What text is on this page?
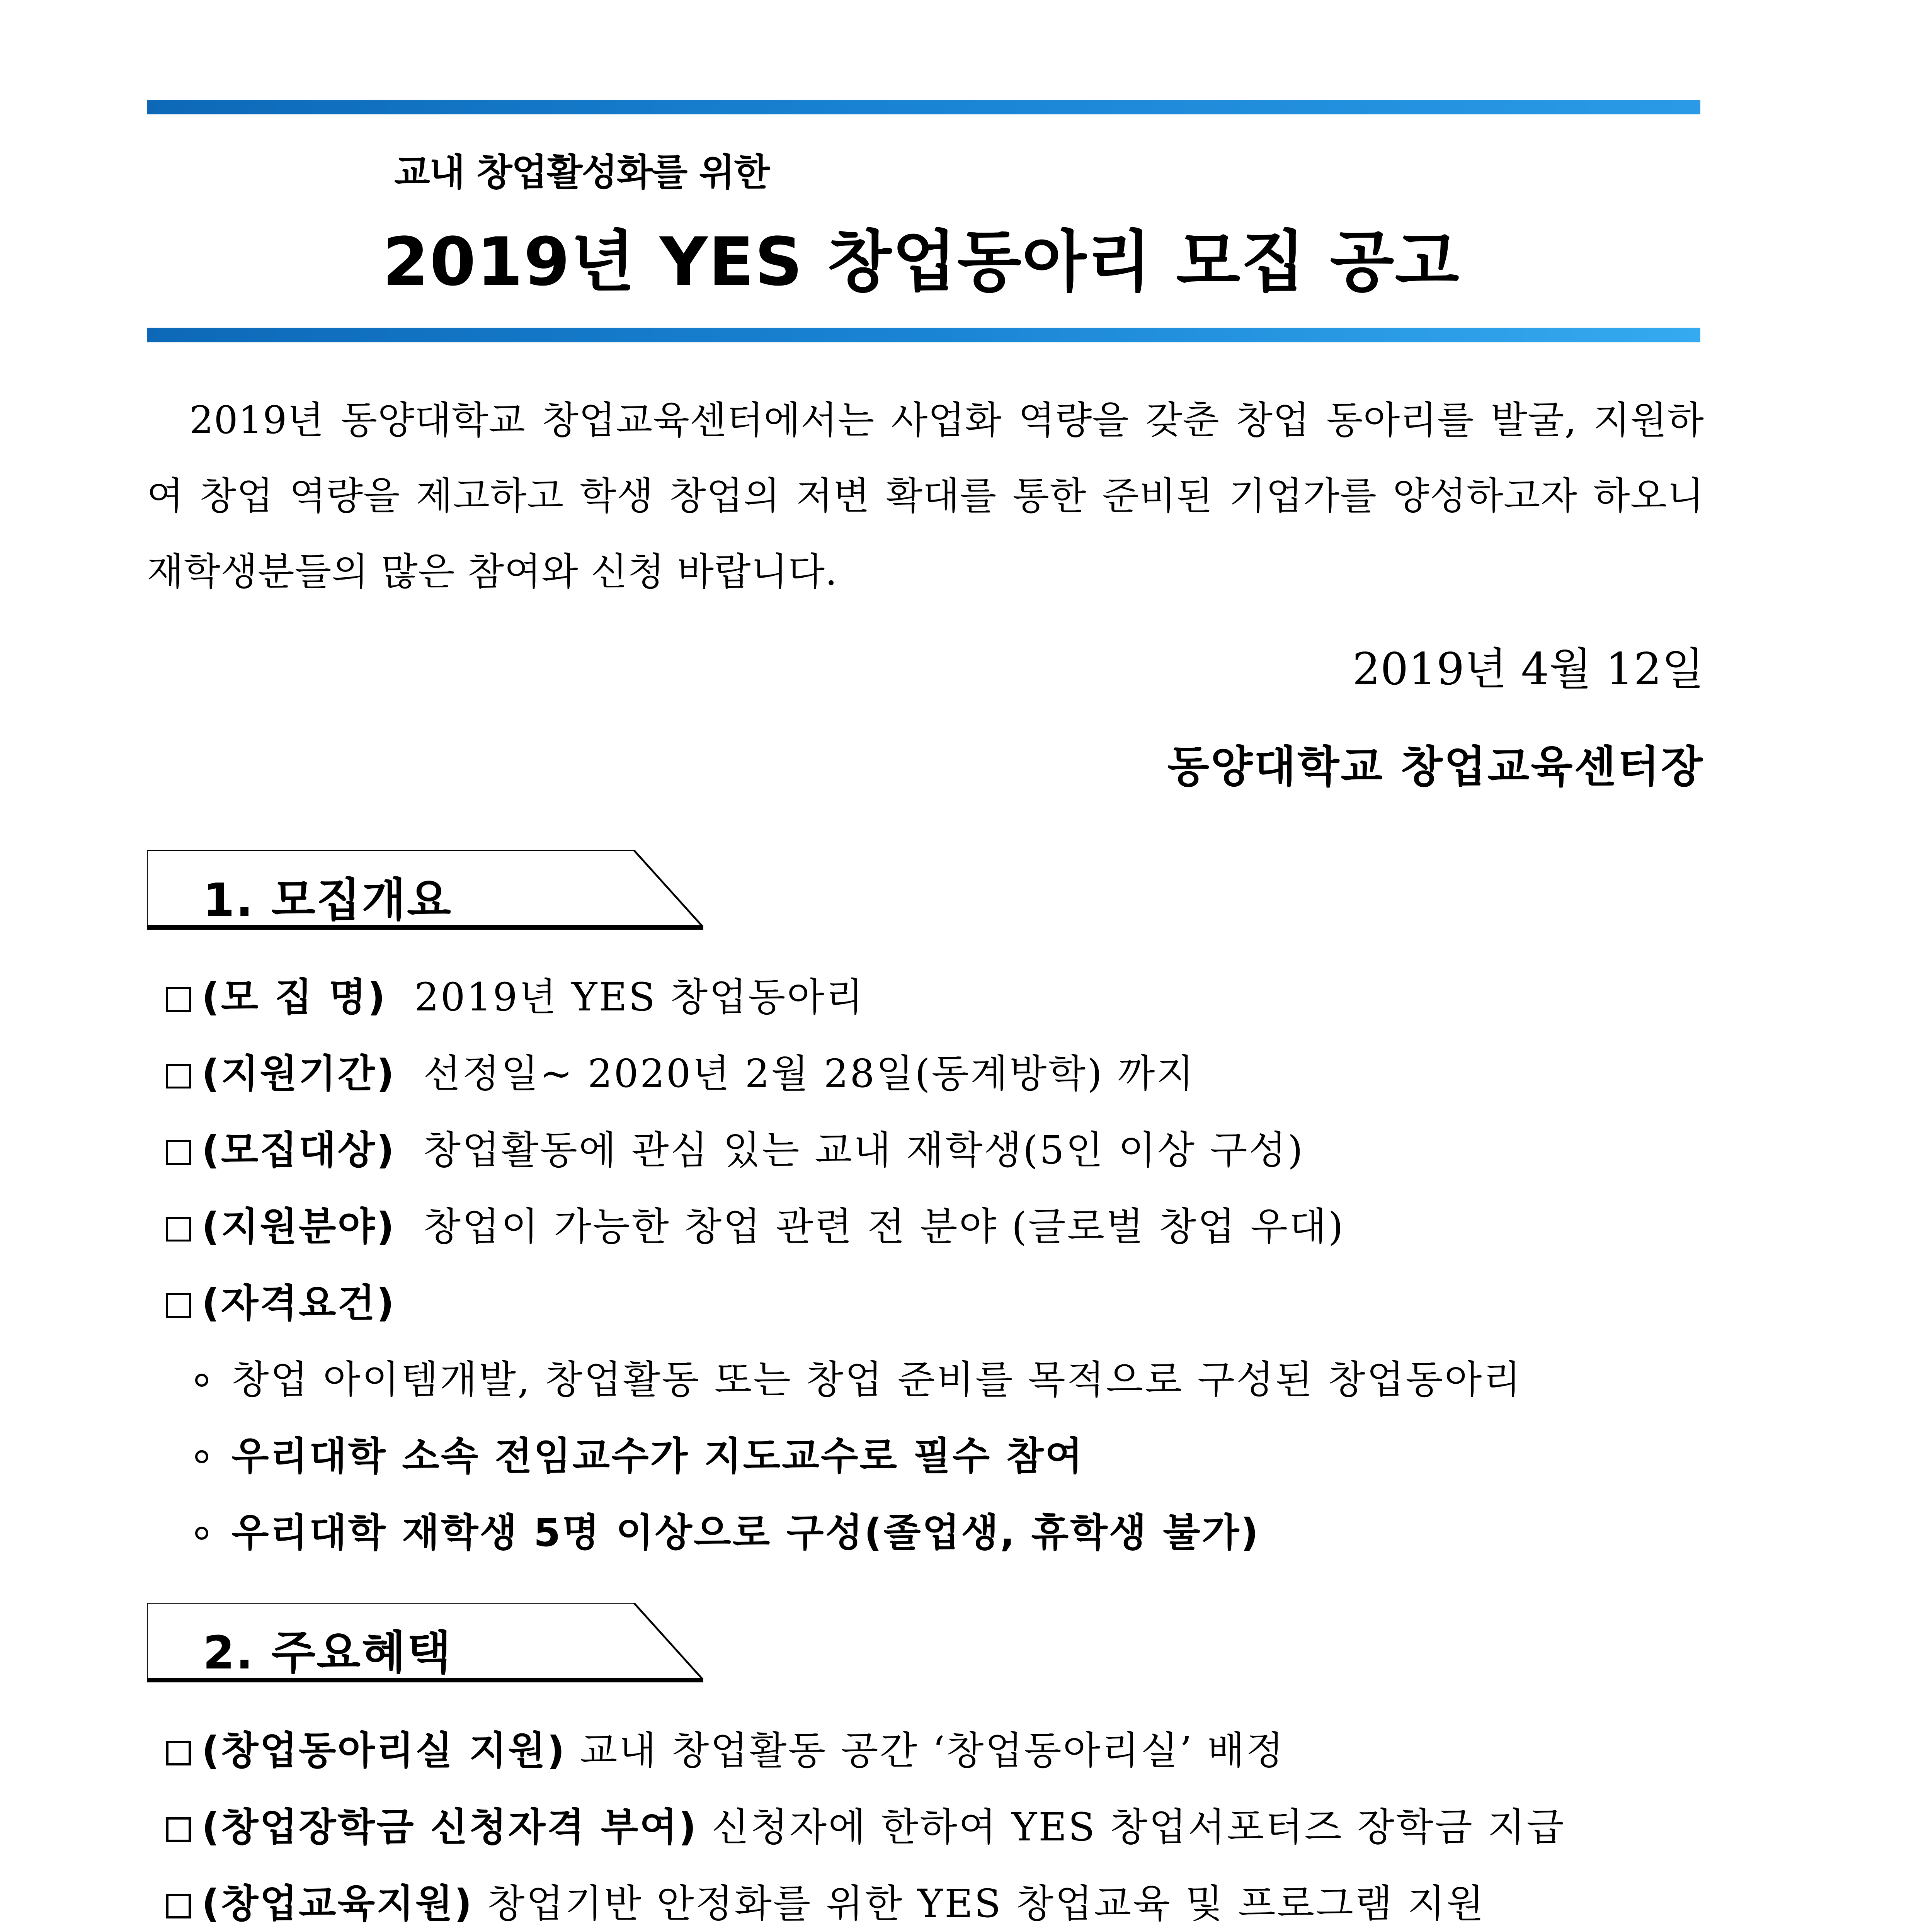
교내 창업활성화를 위한
2019년 YES 창업동아리 모집 공고
2019년 동양대학교 창업교육센터에서는 사업화 역량을 갖춘 창업 동아리를 발굴, 지원하여 창업 역량을 제고하고 학생 창업의 저변 확대를 통한 준비된 기업가를 양성하고자 하오니 재학생분들의 많은 참여와 신청 바랍니다.
2019년 4월 12일
동양대학교 창업교육센터장
1. 모집개요
(모 집 명) 2019년 YES 창업동아리
(지원기간) 선정일~ 2020년 2월 28일(동계방학) 까지
(모집대상) 창업활동에 관심 있는 교내 재학생(5인 이상 구성)
(지원분야) 창업이 가능한 창업 관련 전 분야 (글로벌 창업 우대)
(자격요건)
창업 아이템개발, 창업활동 또는 창업 준비를 목적으로 구성된 창업동아리
우리대학 소속 전임교수가 지도교수로 필수 참여
우리대학 재학생 5명 이상으로 구성(졸업생, 휴학생 불가)
2. 주요혜택
(창업동아리실 지원) 교내 창업활동 공간 ‘창업동아리실’ 배정
(창업장학금 신청자격 부여) 신청자에 한하여 YES 창업서포터즈 장학금 지급
(창업교육지원) 창업기반 안정화를 위한 YES 창업교육 및 프로그램 지원
